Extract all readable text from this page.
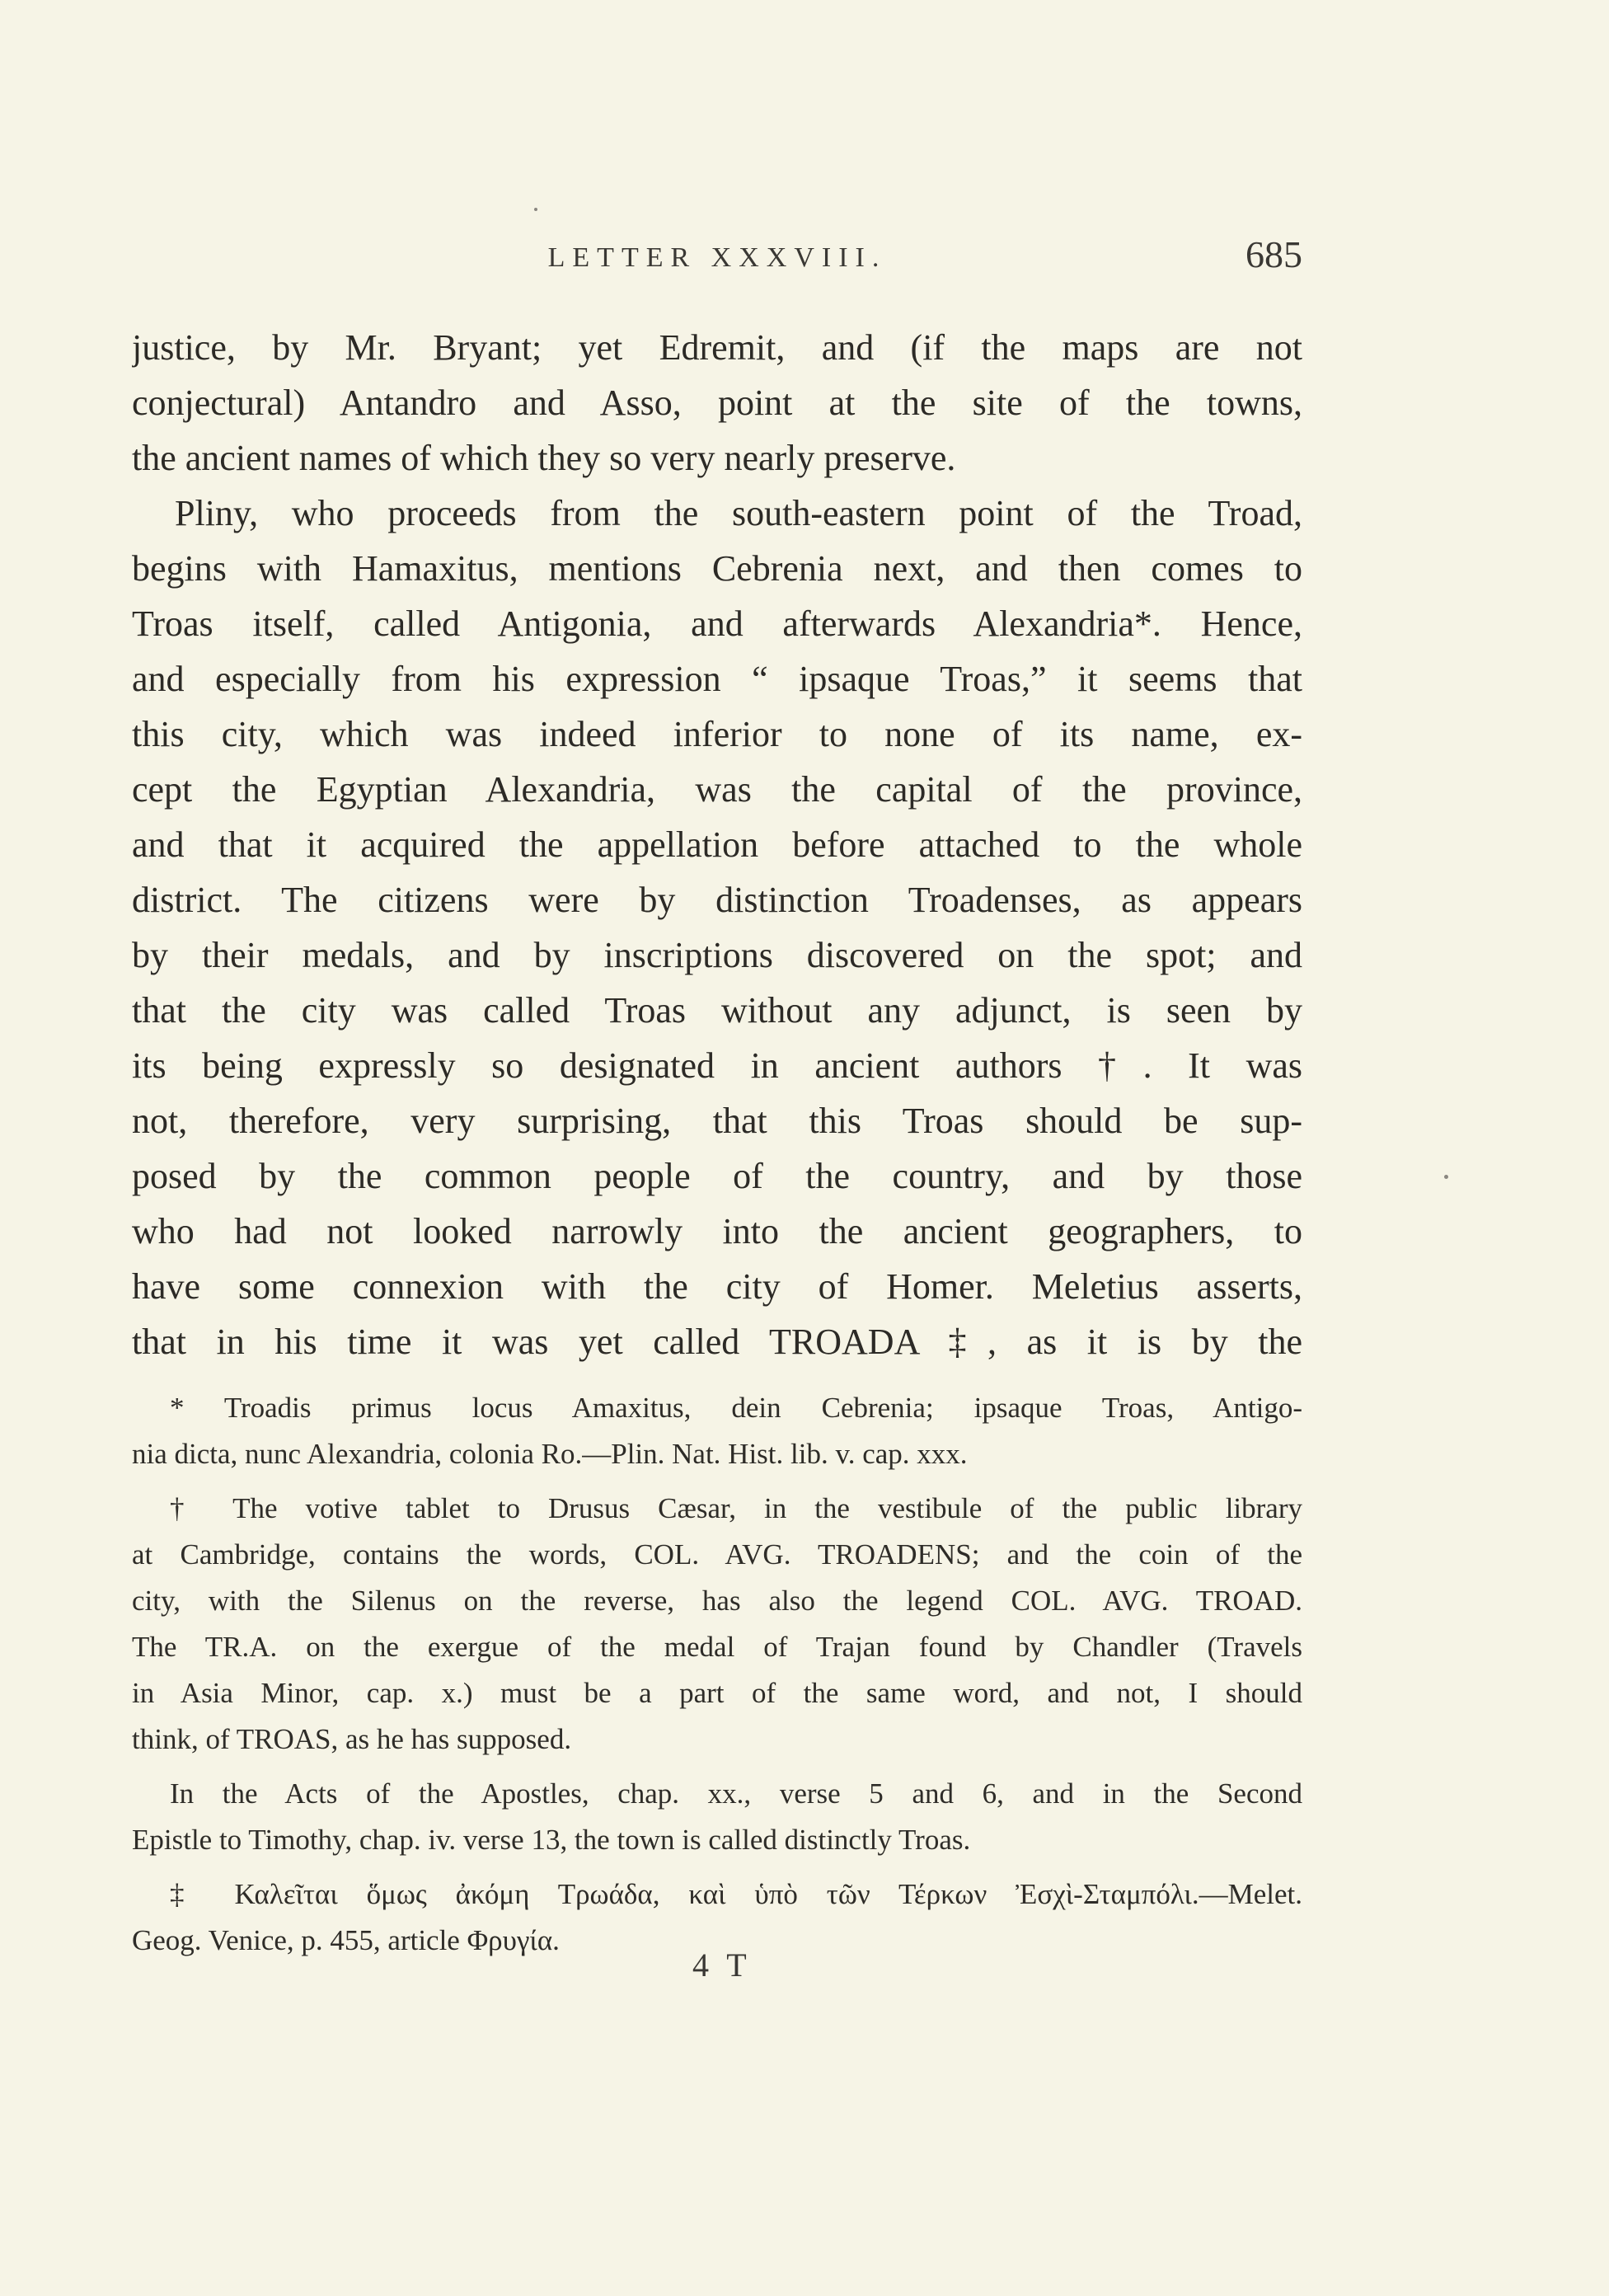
LETTER XXXVIII.	685
justice, by Mr. Bryant; yet Edremit, and (if the maps are not
conjectural) Antandro and Asso, point at the site of the towns,
the ancient names of which they so very nearly preserve.
Pliny, who proceeds from the south-eastern point of the Troad,
begins with Hamaxitus, mentions Cebrenia next, and then comes to
Troas itself, called Antigonia, and afterwards Alexandria*. Hence,
and especially from his expression “ ipsaque Troas,” it seems that
this city, which was indeed inferior to none of its name, ex-
cept the Egyptian Alexandria, was the capital of the province,
and that it acquired the appellation before attached to the whole
district. The citizens were by distinction Troadenses, as appears
by their medals, and by inscriptions discovered on the spot; and
that the city was called Troas without any adjunct, is seen by
its being expressly so designated in ancient authors †. It was
not, therefore, very surprising, that this Troas should be sup-
posed by the common people of the country, and by those
who had not looked narrowly into the ancient geographers, to
have some connexion with the city of Homer. Meletius asserts,
that in his time it was yet called TROADA ‡, as it is by the
* Troadis primus locus Amaxitus, dein Cebrenia; ipsaque Troas, Antigo-
nia dicta, nunc Alexandria, colonia Ro.—Plin. Nat. Hist. lib. v. cap. xxx.
† The votive tablet to Drusus Cæsar, in the vestibule of the public library
at Cambridge, contains the words, COL. AVG. TROADENS; and the coin of the
city, with the Silenus on the reverse, has also the legend COL. AVG. TROAD.
The TR.A. on the exergue of the medal of Trajan found by Chandler (Travels
in Asia Minor, cap. x.) must be a part of the same word, and not, I should
think, of TROAS, as he has supposed.
In the Acts of the Apostles, chap. xx., verse 5 and 6, and in the Second
Epistle to Timothy, chap. iv. verse 13, the town is called distinctly Troas.
‡ Καλεῖται ὅμως ἀκόμη Τρωάδα, καὶ ὑπὸ τῶν Τέρκων Ἐσχὶ-Σταμπόλι.—Melet.
Geog. Venice, p. 455, article Φρυγία.
4 T
